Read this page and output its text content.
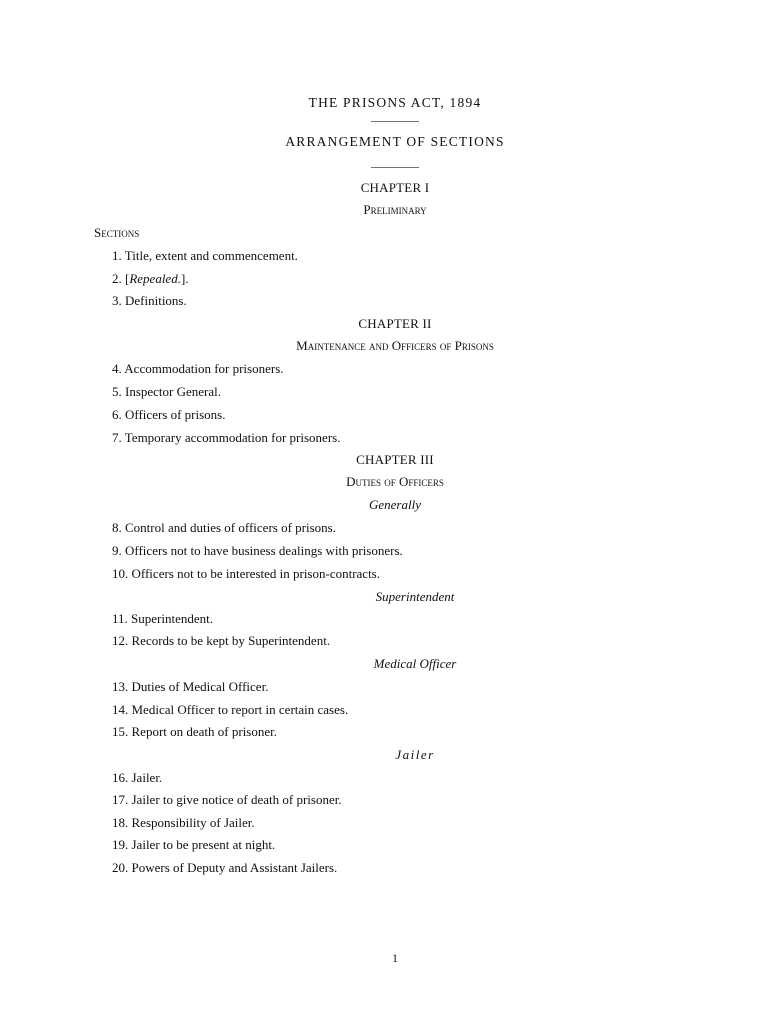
THE PRISONS ACT, 1894
————
ARRANGEMENT OF SECTIONS
————
CHAPTER I
Preliminary
Sections
1. Title, extent and commencement.
2. [Repealed.].
3. Definitions.
CHAPTER II
Maintenance and Officers of Prisons
4. Accommodation for prisoners.
5. Inspector General.
6. Officers of prisons.
7. Temporary accommodation for prisoners.
CHAPTER III
Duties of Officers
Generally
8. Control and duties of officers of prisons.
9. Officers not to have business dealings with prisoners.
10. Officers not to be interested in prison-contracts.
Superintendent
11. Superintendent.
12. Records to be kept by Superintendent.
Medical Officer
13. Duties of Medical Officer.
14. Medical Officer to report in certain cases.
15. Report on death of prisoner.
Jailer
16. Jailer.
17. Jailer to give notice of death of prisoner.
18. Responsibility of Jailer.
19. Jailer to be present at night.
20. Powers of Deputy and Assistant Jailers.
1
